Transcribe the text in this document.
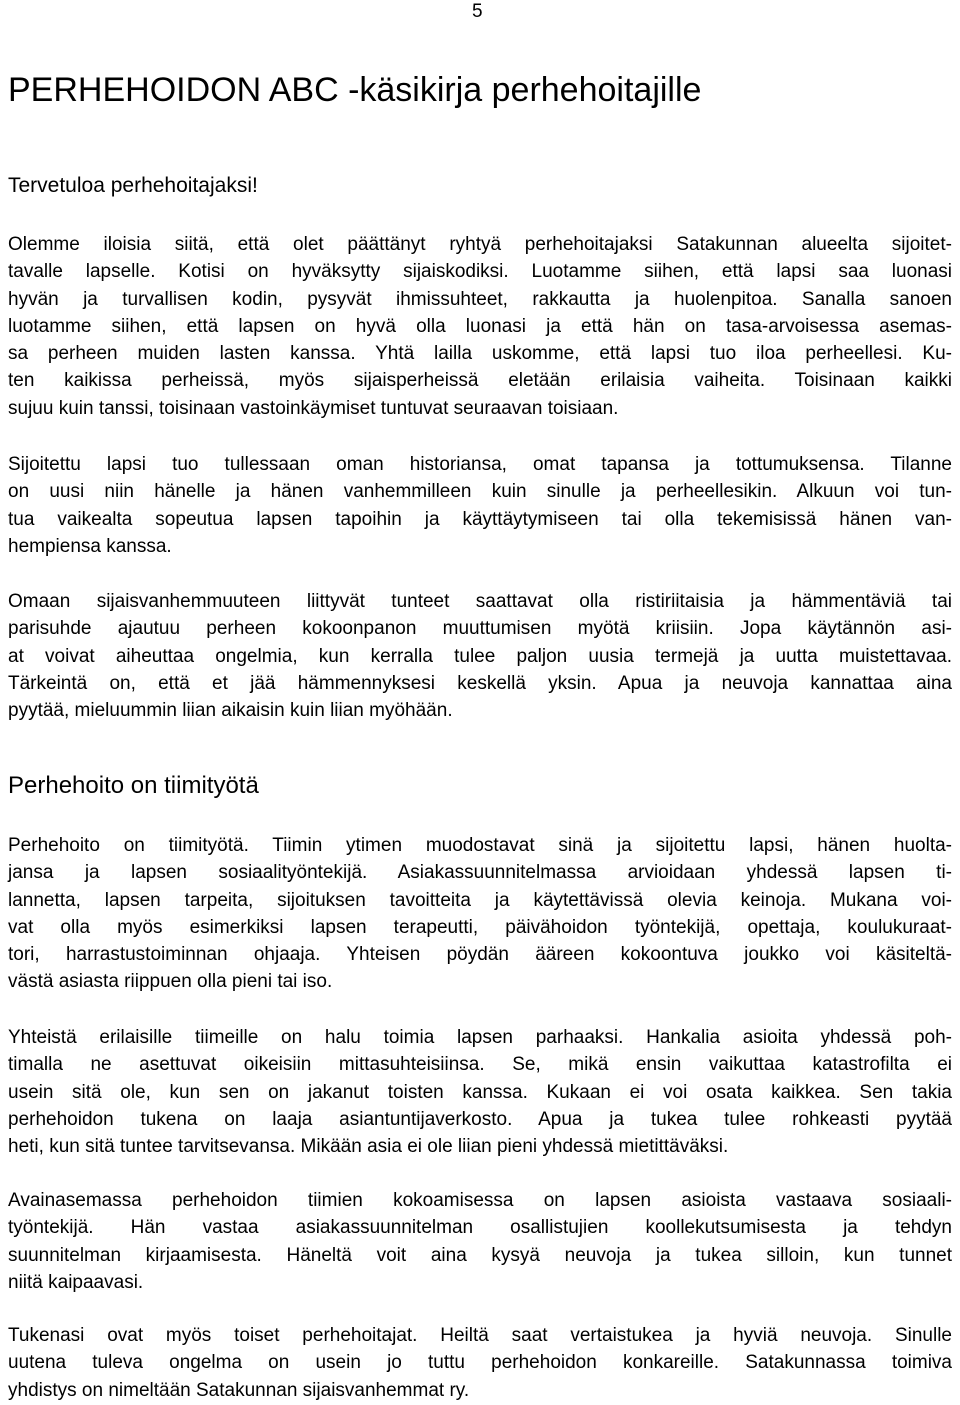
5
PERHEHOIDON ABC -käsikirja perhehoitajille

Tervetuloa perhehoitajaksi!

Olemme iloisia siitä, että olet päättänyt ryhtyä perhehoitajaksi Satakunnan alueelta sijoitet-
tavalle lapselle. Kotisi on hyväksytty sijaiskodiksi. Luotamme siihen, että lapsi saa luonasi
hyvän ja turvallisen kodin, pysyvät ihmissuhteet, rakkautta ja huolenpitoa. Sanalla sanoen
luotamme siihen, että lapsen on hyvä olla luonasi ja että hän on tasa-arvoisessa asemas-
sa perheen muiden lasten kanssa. Yhtä lailla uskomme, että lapsi tuo iloa perheellesi. Ku-
ten kaikissa perheissä, myös sijaisperheissä eletään erilaisia vaiheita. Toisinaan kaikki
sujuu kuin tanssi, toisinaan vastoinkäymiset tuntuvat seuraavan toisiaan.
Sijoitettu lapsi tuo tullessaan oman historiansa, omat tapansa ja tottumuksensa. Tilanne
on uusi niin hänelle ja hänen vanhemmilleen kuin sinulle ja perheellesikin. Alkuun voi tun-
tua vaikealta sopeutua lapsen tapoihin ja käyttäytymiseen tai olla tekemisissä hänen van-
hempiensa kanssa.
Omaan sijaisvanhemmuuteen liittyvät tunteet saattavat olla ristiriitaisia ja hämmentäviä tai
parisuhde ajautuu perheen kokoonpanon muuttumisen myötä kriisiin. Jopa käytännön asi-
at voivat aiheuttaa ongelmia, kun kerralla tulee paljon uusia termejä ja uutta muistettavaa.
Tärkeintä on, että et jää hämmennyksesi keskellä yksin. Apua ja neuvoja kannattaa aina
pyytää, mieluummin liian aikaisin kuin liian myöhään.
Perhehoito on tiimityötä
Perhehoito on tiimityötä. Tiimin ytimen muodostavat sinä ja sijoitettu lapsi, hänen huolta-
jansa ja lapsen sosiaalityöntekijä. Asiakassuunnitelmassa arvioidaan yhdessä lapsen ti-
lannetta, lapsen tarpeita, sijoituksen tavoitteita ja käytettävissä olevia keinoja. Mukana voi-
vat olla myös esimerkiksi lapsen terapeutti, päivähoidon työntekijä, opettaja, koulukuraat-
tori, harrastustoiminnan ohjaaja. Yhteisen pöydän ääreen kokoontuva joukko voi käsiteltä-
västä asiasta riippuen olla pieni tai iso.
Yhteistä erilaisille tiimeille on halu toimia lapsen parhaaksi. Hankalia asioita yhdessä poh-
timalla ne asettuvat oikeisiin mittasuhteisiinsa. Se, mikä ensin vaikuttaa katastrofilta ei
usein sitä ole, kun sen on jakanut toisten kanssa. Kukaan ei voi osata kaikkea. Sen takia
perhehoidon tukena on laaja asiantuntijaverkosto. Apua ja tukea tulee rohkeasti pyytää
heti, kun sitä tuntee tarvitsevansa. Mikään asia ei ole liian pieni yhdessä mietittäväksi.
Avainasemassa perhehoidon tiimien kokoamisessa on lapsen asioista vastaava sosiaali-
työntekijä. Hän vastaa asiakassuunnitelman osallistujien koollekutsumisesta ja tehdyn
suunnitelman kirjaamisesta. Häneltä voit aina kysyä neuvoja ja tukea silloin, kun tunnet
niitä kaipaavasi.
Tukenasi ovat myös toiset perhehoitajat. Heiltä saat vertaistukea ja hyviä neuvoja. Sinulle
uutena tuleva ongelma on usein jo tuttu perhehoidon konkareille. Satakunnassa toimiva
yhdistys on nimeltään Satakunnan sijaisvanhemmat ry.
